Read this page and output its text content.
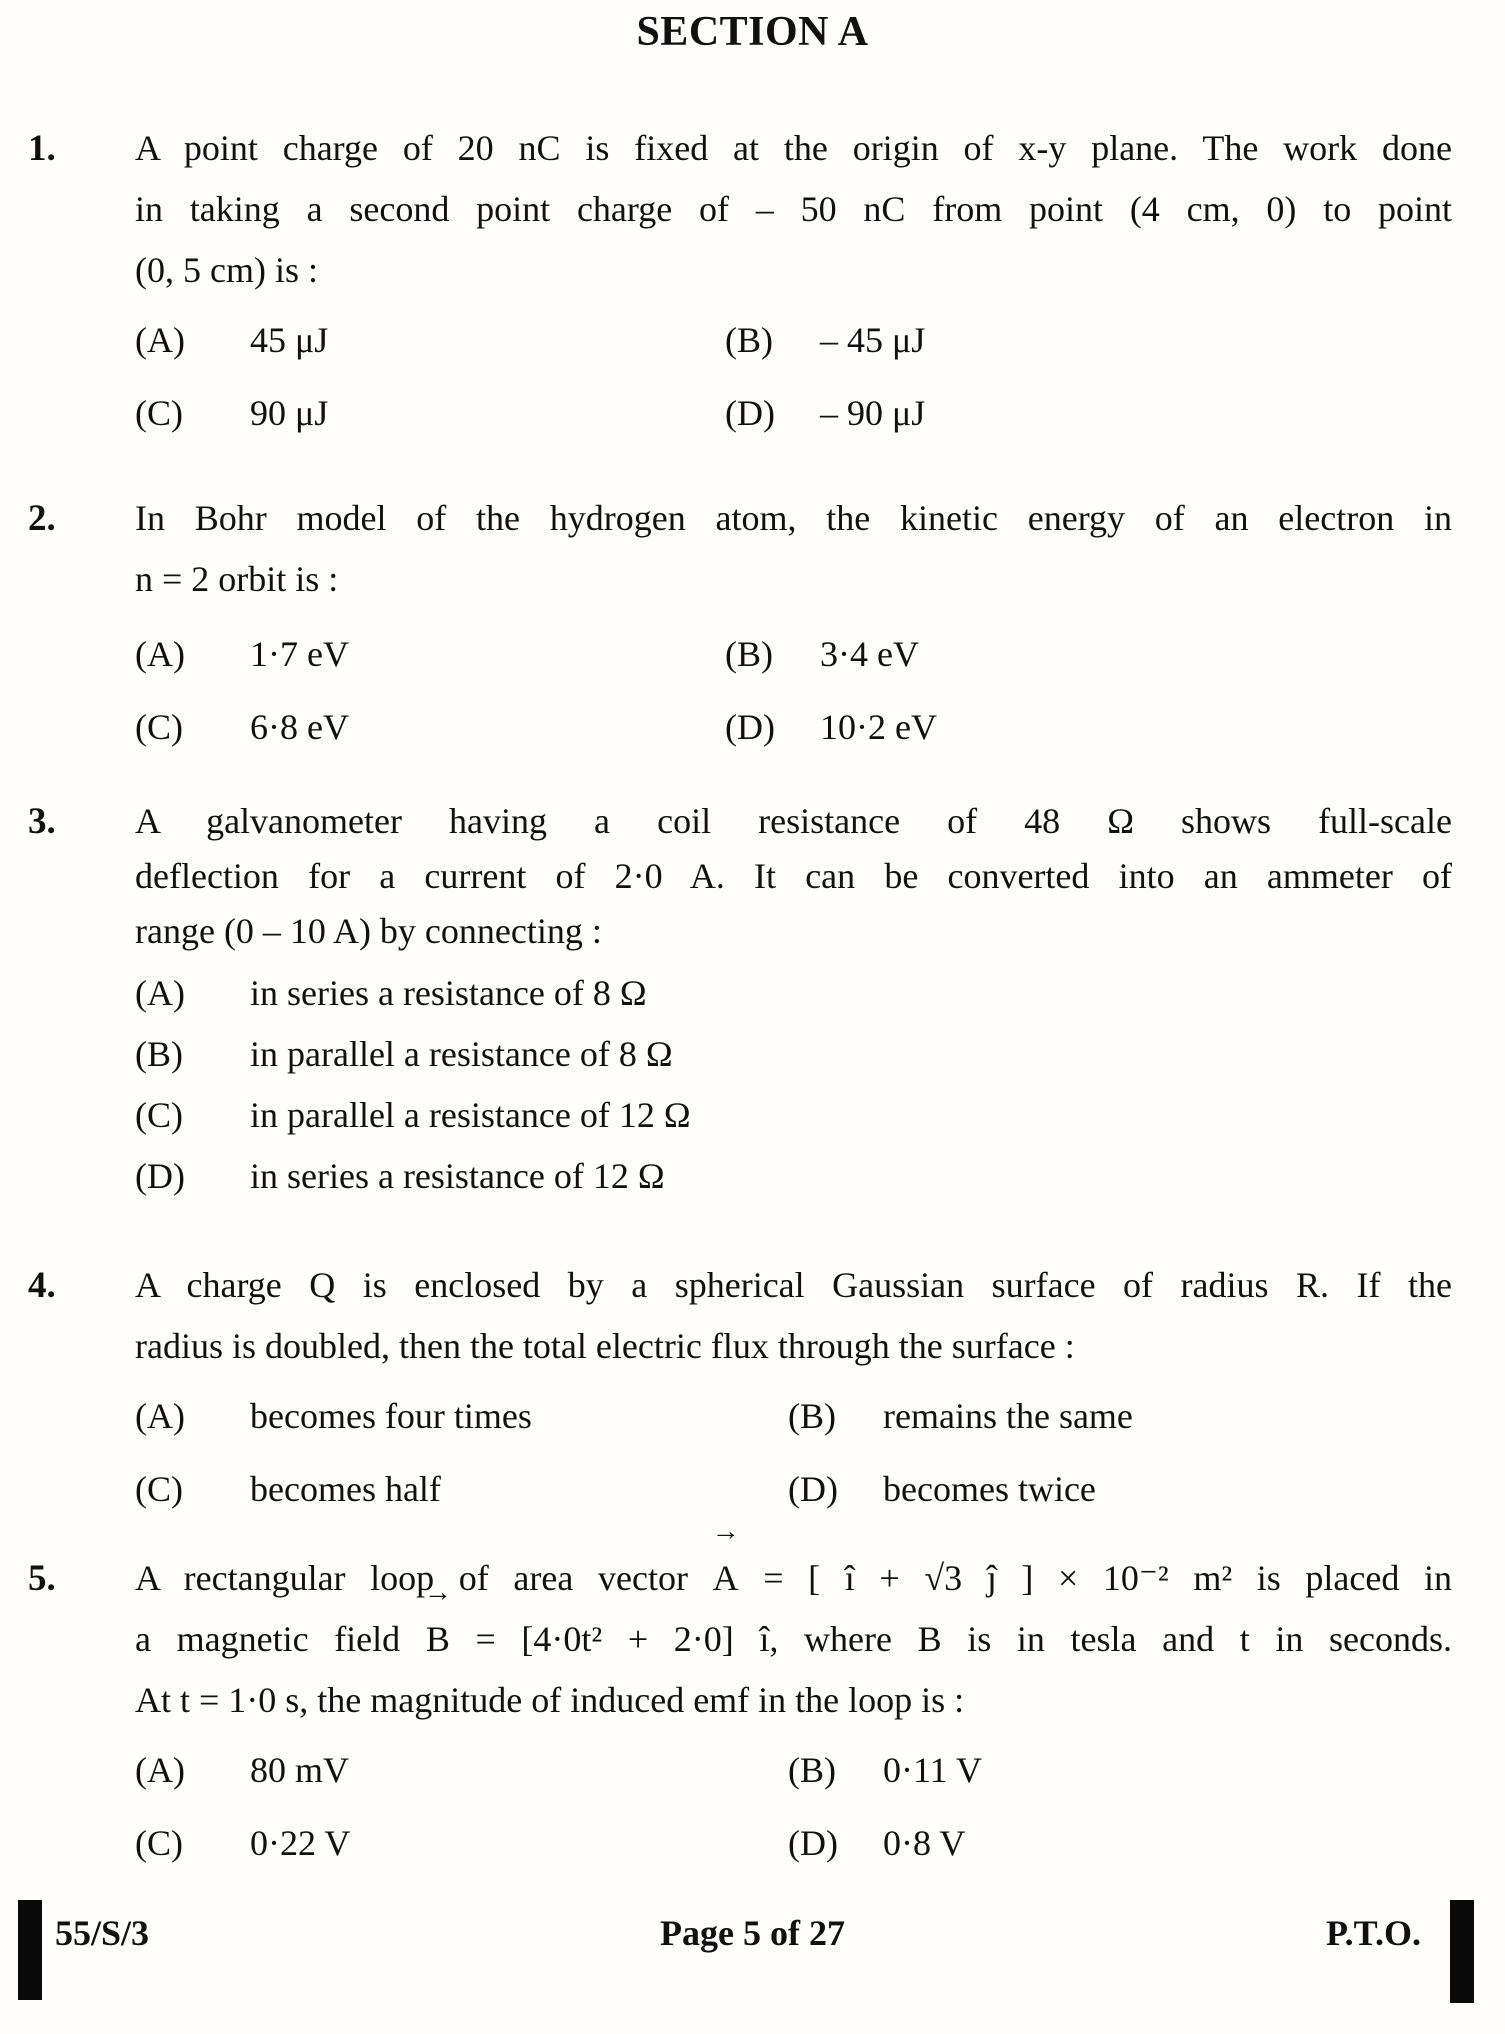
SECTION A
1.	A point charge of 20 nC is fixed at the origin of x-y plane. The work done
in taking a second point charge of – 50 nC from point (4 cm, 0) to point
(0, 5 cm) is :
(A)	45 μJ	(B)	– 45 μJ
(C)	90 μJ	(D)	– 90 μJ
2.	In Bohr model of the hydrogen atom, the kinetic energy of an electron in
n = 2 orbit is :
(A)	1·7 eV	(B)	3·4 eV
(C)	6·8 eV	(D)	10·2 eV
3.	A galvanometer having a coil resistance of 48 Ω shows full-scale
deflection for a current of 2·0 A. It can be converted into an ammeter of
range (0 – 10 A) by connecting :
(A)	in series a resistance of 8 Ω
(B)	in parallel a resistance of 8 Ω
(C)	in parallel a resistance of 12 Ω
(D)	in series a resistance of 12 Ω
4.	A charge Q is enclosed by a spherical Gaussian surface of radius R. If the
radius is doubled, then the total electric flux through the surface :
(A)	becomes four times	(B)	remains the same
(C)	becomes half	(D)	becomes twice
5.	A rectangular loop of area vector A → = [ î + √3 ĵ ] × 10⁻² m² is placed in
a magnetic field B → = [4·0t² + 2·0] î, where B is in tesla and t in seconds.
At t = 1·0 s, the magnitude of induced emf in the loop is :
(A)	80 mV	(B)	0·11 V
(C)	0·22 V	(D)	0·8 V
Page 5 of 27
55/S/3	P.T.O.
